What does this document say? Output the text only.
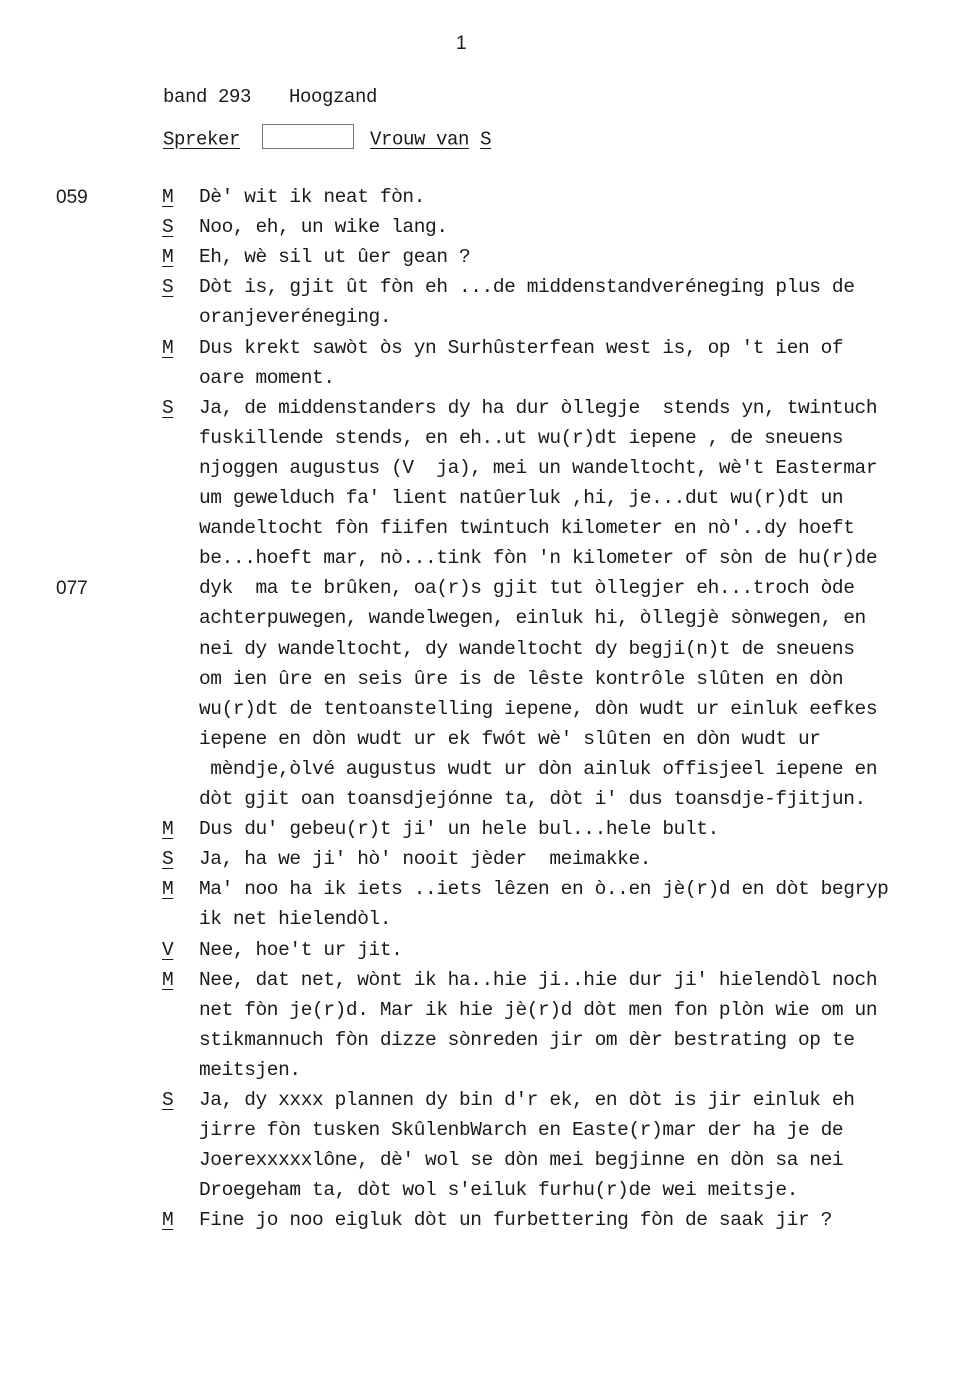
1
band 293 Hoogzand
Spreker	Vrouw van S
059
077
M Dè' wit ik neat fòn.
S Noo, eh, un wike lang.
M Eh, wè sil ut ûer gean ?
S Dòt is, gjit ût fòn eh ...de middenstandveréneging plus de
oranjeveréneging.
M Dus krekt sawòt òs yn Surhûsterfean west is, op 't ien of
oare moment.
S Ja, de middenstanders dy ha dur òllegje  stends yn, twintuch
fuskillende stends, en eh..ut wu(r)dt iepene , de sneuens
njoggen augustus (V  ja), mei un wandeltocht, wè't Eastermar
um gewelduch fa' lient natûerluk ,hi, je...dut wu(r)dt un
wandeltocht fòn fiifen twintuch kilometer en nò'..dy hoeft
be...hoeft mar, nò...tink fòn 'n kilometer of sòn de hu(r)de
dyk  ma te brûken, oa(r)s gjit tut òllegjer eh...troch òde
achterpuwegen, wandelwegen, einluk hi, òllegjè sònwegen, en
nei dy wandeltocht, dy wandeltocht dy begji(n)t de sneuens
om ien ûre en seis ûre is de lêste kontrôle slûten en dòn
wu(r)dt de tentoanstelling iepene, dòn wudt ur einluk eefkes
iepene en dòn wudt ur ek fwót wè' slûten en dòn wudt ur
mèndje,òlvé augustus wudt ur dòn ainluk offisjeel iepene en
dòt gjit oan toansdjejónne ta, dòt i' dus toansdje-fjitjun.
M Dus du' gebeu(r)t ji' un hele bul...hele bult.
S Ja, ha we ji' hò' nooit jèder  meimakke.
M Ma' noo ha ik iets ..iets lêzen en ò..en jè(r)d en dòt begryp
ik net hielendòl.
V Nee, hoe't ur jit.
M Nee, dat net, wònt ik ha..hie ji..hie dur ji' hielendòl noch
net fòn je(r)d. Mar ik hie jè(r)d dòt men fon plòn wie om un
stikmannuch fòn dizze sònreden jir om dèr bestrating op te
meitsjen.
S Ja, dy xxxx plannen dy bin d'r ek, en dòt is jir einluk eh
jirre fòn tusken SkûlenbWarch en Easte(r)mar der ha je de
Joerexxxxxlône, dè' wol se dòn mei begjinne en dòn sa nei
Droegeham ta, dòt wol s'eiluk furhu(r)de wei meitsje.
M Fine jo noo eigluk dòt un furbettering fòn de saak jir ?
